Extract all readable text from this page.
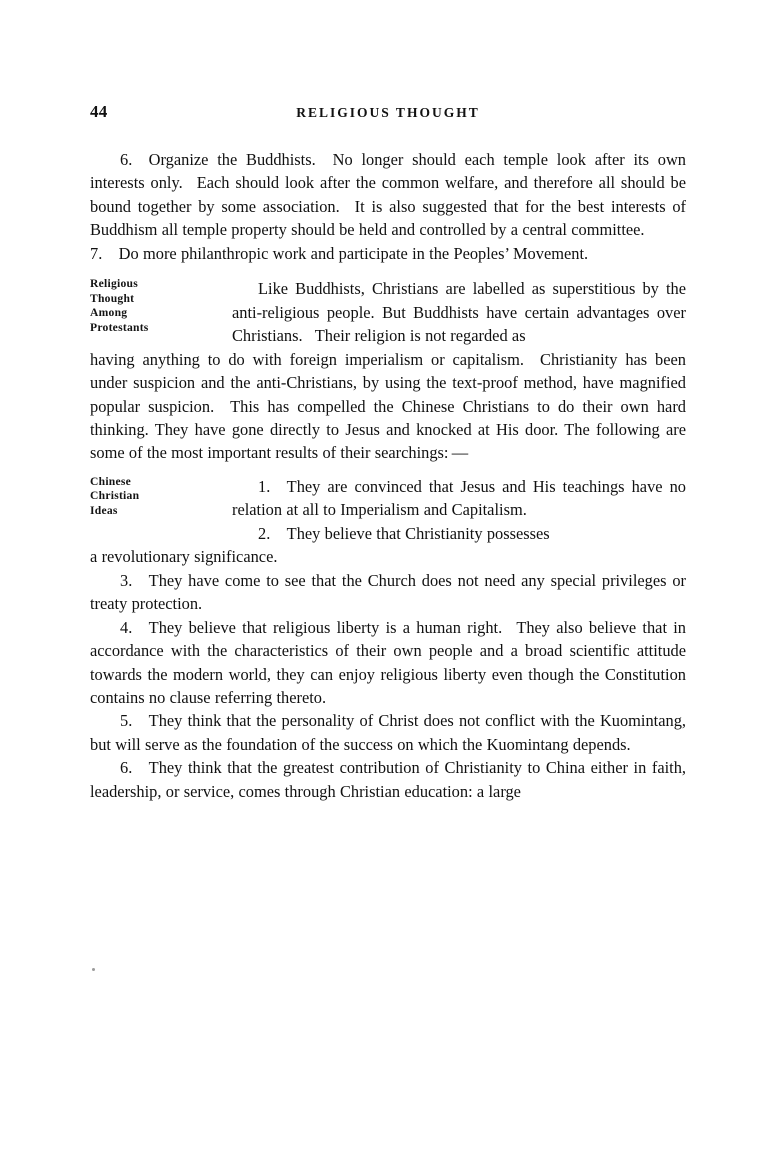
44	RELIGIOUS THOUGHT

6. Organize the Buddhists.  No longer should each temple look after its own interests only.  Each should look after the common welfare, and therefore all should be bound together by some association.  It is also suggested that for the best interests of Buddhism all temple property should be held and controlled by a central committee.

7. Do more philanthropic work and participate in the Peoples’ Movement.

Religious
Thought
Among
Protestants

Like Buddhists, Christians are labelled as superstitious by the anti-religious people. But Buddhists have certain advantages over Christians.  Their religion is not regarded as

having anything to do with foreign imperialism or capitalism.  Christianity has been under suspicion and the anti-Christians, by using the text-proof method, have magnified popular suspicion.  This has compelled the Chinese Christians to do their own hard thinking. They have gone directly to Jesus and knocked at His door. The following are some of the most important results of their searchings: —

Chinese
Christian
Ideas

1. They are convinced that Jesus and His teachings have no relation at all to Imperialism and Capitalism.

2. They believe that Christianity possesses

a revolutionary significance.

3. They have come to see that the Church does not need any special privileges or treaty protection.

4. They believe that religious liberty is a human right.  They also believe that in accordance with the characteristics of their own people and a broad scientific attitude towards the modern world, they can enjoy religious liberty even though the Constitution contains no clause referring thereto.

5. They think that the personality of Christ does not conflict with the Kuomintang, but will serve as the foundation of the success on which the Kuomintang depends.

6. They think that the greatest contribution of Christianity to China either in faith, leadership, or service, comes through Christian education: a large
